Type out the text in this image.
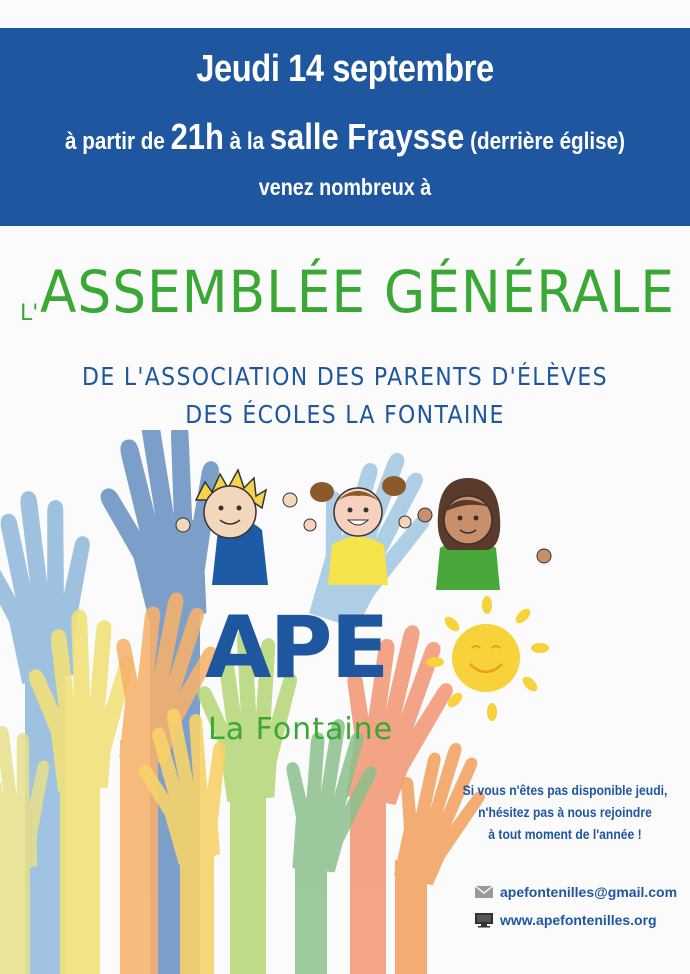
Jeudi 14 septembre
à partir de 21h à la salle Fraysse (derrière église)
venez nombreux à
L'ASSEMBLÉE GÉNÉRALE
DE L'ASSOCIATION DES PARENTS D'ÉLÈVES
DES ÉCOLES LA FONTAINE
APE
La Fontaine
Si vous n'êtes pas disponible jeudi,
n'hésitez pas à nous rejoindre
à tout moment de l'année !
apefontenilles@gmail.com
www.apefontenilles.org
